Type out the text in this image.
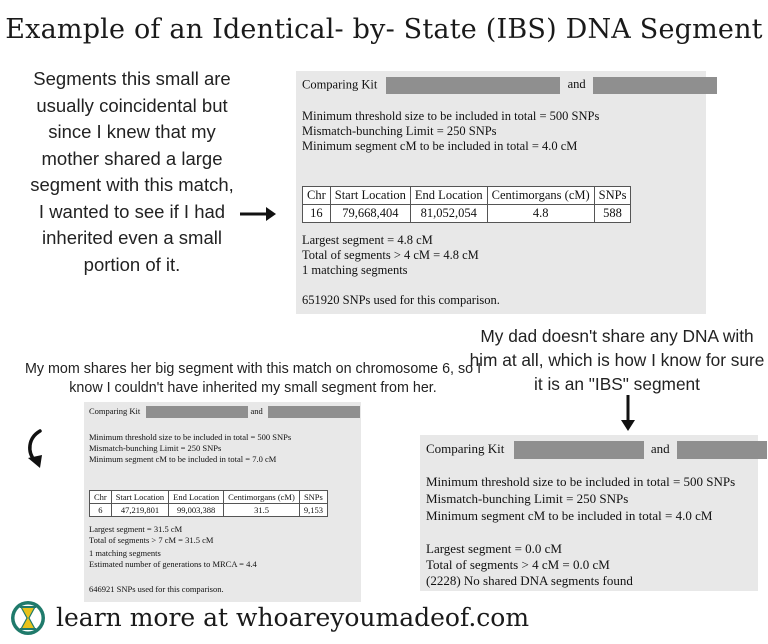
Example of an Identical- by- State (IBS) DNA Segment
Segments this small are usually coincidental but since I knew that my mother shared a large segment with this match, I wanted to see if I had inherited even a small portion of it.
Comparing Kit	and
Minimum threshold size to be included in total = 500 SNPs
Mismatch-bunching Limit = 250 SNPs
Minimum segment cM to be included in total = 4.0 cM
Chr	Start Location	End Location	Centimorgans (cM)	SNPs
16	79,668,404	81,052,054	4.8	588
Largest segment = 4.8 cM
Total of segments > 4 cM = 4.8 cM
1 matching segments
651920 SNPs used for this comparison.
My dad doesn't share any DNA with him at all, which is how I know for sure it is an "IBS" segment
My mom shares her big segment with this match on chromosome 6, so I know I couldn't have inherited my small segment from her.
Comparing Kit	and
Minimum threshold size to be included in total = 500 SNPs
Mismatch-bunching Limit = 250 SNPs
Minimum segment cM to be included in total = 7.0 cM
Chr	Start Location	End Location	Centimorgans (cM)	SNPs
6	47,219,801	99,003,388	31.5	9,153
Largest segment = 31.5 cM
Total of segments > 7 cM = 31.5 cM
1 matching segments
Estimated number of generations to MRCA = 4.4
646921 SNPs used for this comparison.
Comparing Kit	and
Minimum threshold size to be included in total = 500 SNPs
Mismatch-bunching Limit = 250 SNPs
Minimum segment cM to be included in total = 4.0 cM
Largest segment = 0.0 cM
Total of segments > 4 cM = 0.0 cM
(2228) No shared DNA segments found
learn more at whoareyoumadeof.com
